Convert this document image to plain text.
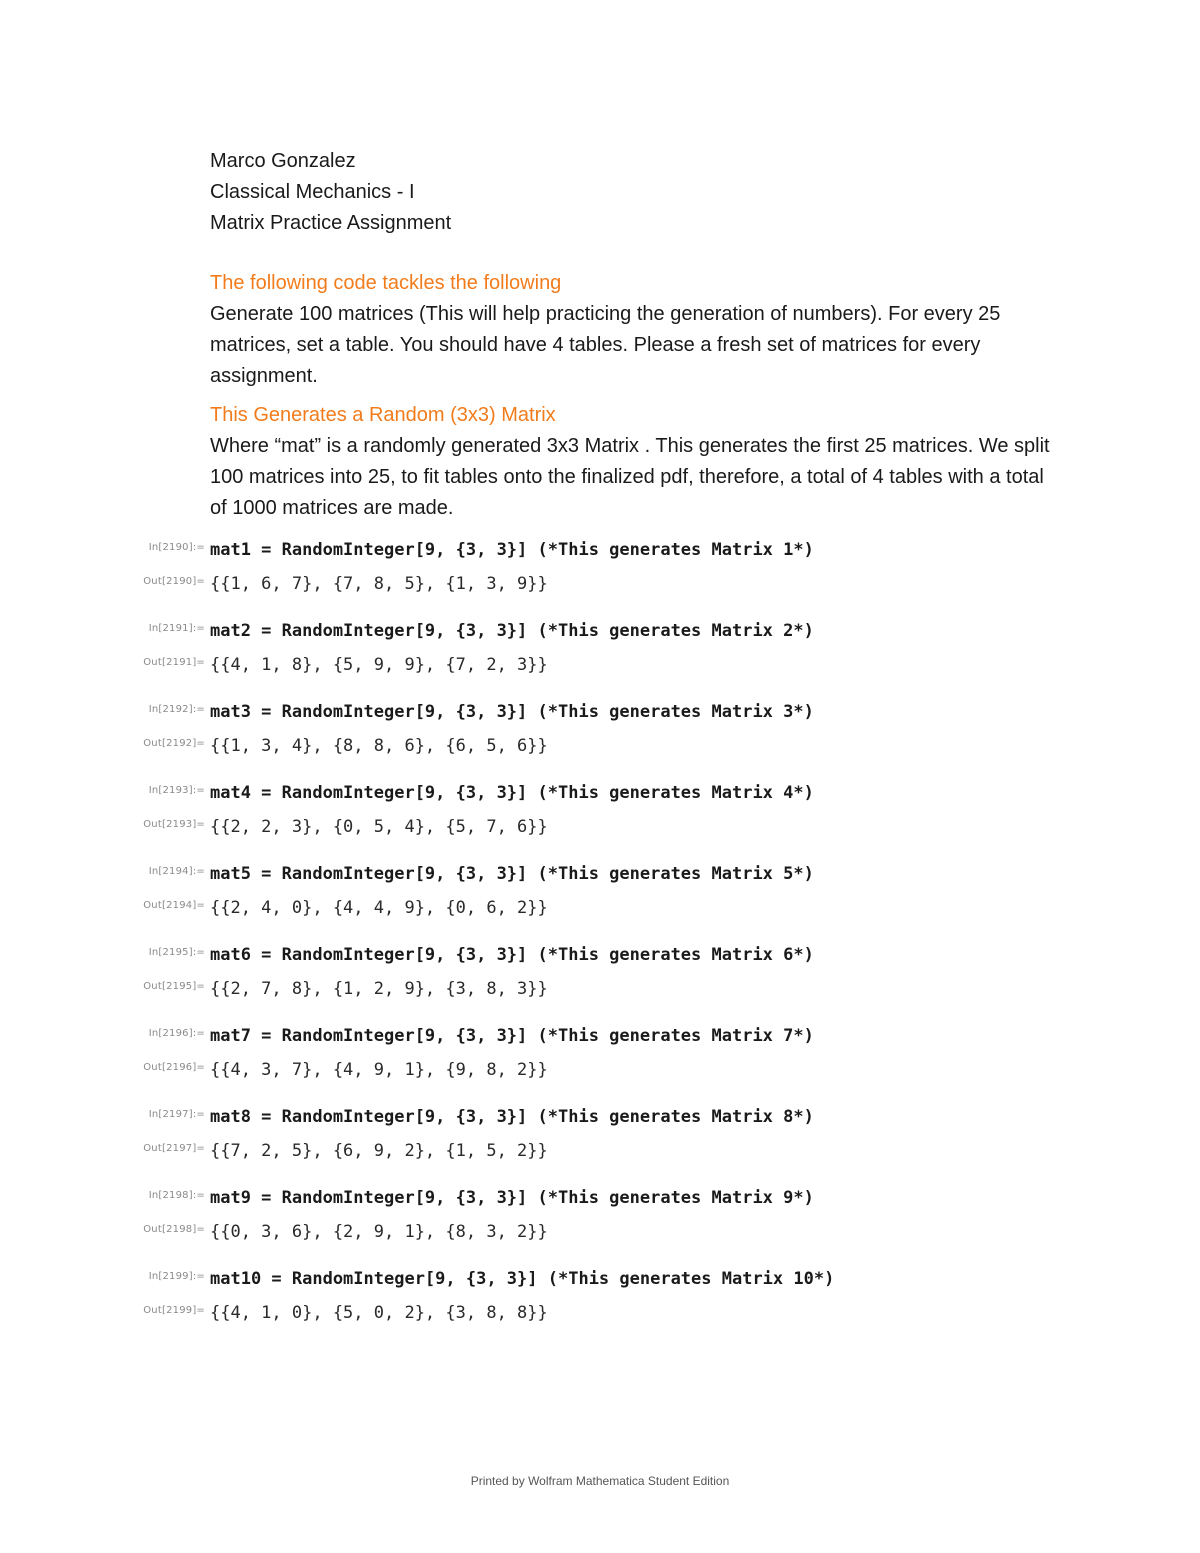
Marco Gonzalez
Classical Mechanics - I
Matrix Practice Assignment
The following code tackles the following
Generate 100 matrices (This will help practicing the generation of numbers). For every 25 matrices, set a table. You should have 4 tables. Please a fresh set of matrices for every assignment.
This Generates a Random (3x3) Matrix
Where “mat” is a randomly generated 3x3 Matrix . This generates the first 25 matrices. We split 100 matrices into 25, to fit tables onto the finalized pdf, therefore, a total of 4 tables with a total of 1000 matrices are made.
In[2190]:= mat1 = RandomInteger[9, {3, 3}] (*This generates Matrix 1*)
Out[2190]= {{1, 6, 7}, {7, 8, 5}, {1, 3, 9}}
In[2191]:= mat2 = RandomInteger[9, {3, 3}] (*This generates Matrix 2*)
Out[2191]= {{4, 1, 8}, {5, 9, 9}, {7, 2, 3}}
In[2192]:= mat3 = RandomInteger[9, {3, 3}] (*This generates Matrix 3*)
Out[2192]= {{1, 3, 4}, {8, 8, 6}, {6, 5, 6}}
In[2193]:= mat4 = RandomInteger[9, {3, 3}] (*This generates Matrix 4*)
Out[2193]= {{2, 2, 3}, {0, 5, 4}, {5, 7, 6}}
In[2194]:= mat5 = RandomInteger[9, {3, 3}] (*This generates Matrix 5*)
Out[2194]= {{2, 4, 0}, {4, 4, 9}, {0, 6, 2}}
In[2195]:= mat6 = RandomInteger[9, {3, 3}] (*This generates Matrix 6*)
Out[2195]= {{2, 7, 8}, {1, 2, 9}, {3, 8, 3}}
In[2196]:= mat7 = RandomInteger[9, {3, 3}] (*This generates Matrix 7*)
Out[2196]= {{4, 3, 7}, {4, 9, 1}, {9, 8, 2}}
In[2197]:= mat8 = RandomInteger[9, {3, 3}] (*This generates Matrix 8*)
Out[2197]= {{7, 2, 5}, {6, 9, 2}, {1, 5, 2}}
In[2198]:= mat9 = RandomInteger[9, {3, 3}] (*This generates Matrix 9*)
Out[2198]= {{0, 3, 6}, {2, 9, 1}, {8, 3, 2}}
In[2199]:= mat10 = RandomInteger[9, {3, 3}] (*This generates Matrix 10*)
Out[2199]= {{4, 1, 0}, {5, 0, 2}, {3, 8, 8}}
Printed by Wolfram Mathematica Student Edition
